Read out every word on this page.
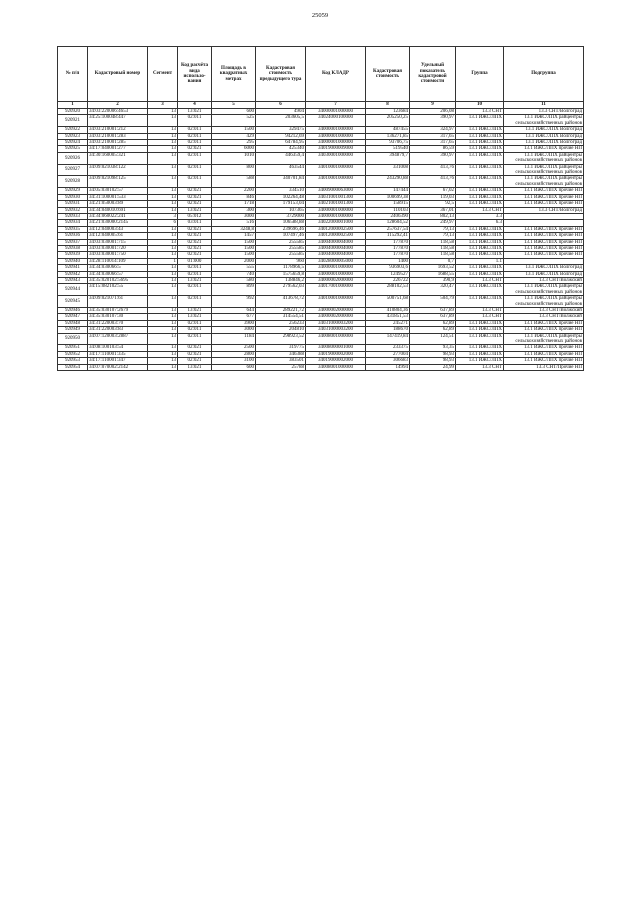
25059
№ п/п	Кадастровый номер	Сегмент	Код расчёта вида использо-вания	Площадь в квадратных метрах	Кадастровая стоимость предыдущего тура	Код КЛАДР	Кадастровая стоимость	Удельный показатель кадастровой стоимости	Группа	Подгруппа
1	2	3	4	5	6	7	8	9	10	11
920920	34:03:220006:4653	13	13:021	600	4904	34000001000000	123684	206,08	13.3 СНТ	13.3 СНТ/Волгоград
920921	34:25:100048:447	13	02:011	525	203605,5	34024000100000	205250,25	390,97	13.1 ИЖС/ЛПХ	13.1 ИЖС/ЛПХ райцентры сельскохозяйственных районов
920922	34:03:210001:212	13	02:011	1500	329475	34000001000000	487455	324,97	13.1 ИЖС/ЛПХ	13.1 ИЖС/ЛПХ Волгоград
920923	34:03:210001:283	13	02:011	429	94212,69	34000001000000	136271,85	317,65	13.1 ИЖС/ЛПХ	13.1 ИЖС/ЛПХ Волгоград
920924	34:03:210001:285	13	02:011	295	64784,95	34000001000000	93706,75	317,65	13.1 ИЖС/ЛПХ	13.1 ИЖС/ЛПХ Волгоград
920925	34:17:040001:277	13	02:021	6000	425340	34019000009000	519540	86,59	13.1 ИЖС/ЛПХ	13.1 ИЖС/ЛПХ прочие НП
920926	34:30:160005:321	13	02:011	1010	446359,4	34030001000000	394879,7	390,97	13.1 ИЖС/ЛПХ	13.1 ИЖС/ЛПХ райцентры сельскохозяйственных районов
920927	34:09:021038:122	13	02:011	800	463544	34010001000000	331008	413,76	13.1 ИЖС/ЛПХ	13.1 ИЖС/ЛПХ райцентры сельскохозяйственных районов
920928	34:09:021098:125	13	02:011	588	340701,84	34010001000000	243290,88	413,76	13.1 ИЖС/ЛПХ	13.1 ИЖС/ЛПХ райцентры сельскохозяйственных районов
920929	34:05:030102:57	13	02:021	2200	334510	34009000063000	147444	67,02	13.1 ИЖС/ЛПХ	13.1 ИЖС/ЛПХ прочие НП
920930	34:31:100001:533	13	02:021	846	102264,48	34031001001300	100699,38	119,03	13.1 ИЖС/ЛПХ	13.1 ИЖС/ЛПХ прочие НП
920931	34:21:050003:89	13	02:021	1718	179153,04	34021001001300	158915	92,5	13.1 ИЖС/ЛПХ	13.1 ИЖС/ЛПХ прочие НП
920932	34:34:040010:691	13	13:021	300	107365	34000001000000	110103	367,01	13.3 СНТ	13.3 СНТ/Волгоград
920933	34:34:060022:241	3	05:012	3000	3729000	34000001000000	2406390	802,13	3.3	
920934	34:21:030000:2145	6	03:011	516	106588,88	34022000001000	128604,52	249,97	6.3	
920935	34:12:040003:43	13	02:021	3248,8	239696,46	34012000002500	257637,54	79,13	13.1 ИЖС/ЛПХ	13.1 ИЖС/ЛПХ прочие НП
920936	34:12:040005:61	13	02:021	1457	107497,46	34012000002500	115292,41	79,13	13.1 ИЖС/ЛПХ	13.1 ИЖС/ЛПХ прочие НП
920937	34:03:030001:715	13	02:021	1500	255585	34004000004000	177870	118,58	13.1 ИЖС/ЛПХ	13.1 ИЖС/ЛПХ прочие НП
920938	34:03:030001:720	13	02:021	1500	255585	34004000004000	177870	118,58	13.1 ИЖС/ЛПХ	13.1 ИЖС/ЛПХ прочие НП
920939	34:03:030001:750	13	02:021	1500	255585	34004000004000	177870	118,58	13.1 ИЖС/ЛПХ	13.1 ИЖС/ЛПХ прочие НП
920940	34:28:110014:109	1	01:000	2000	960	34028000005000	1400	0,7	1.1	
920941	34:34:030066:5	13	02:011	555	1178966,5	34000001000000	936903,6	1693,52	13.1 ИЖС/ЛПХ	13.1 ИЖС/ЛПХ Волгоград
920942	34:34:030066:57	13	02:011	740	1575659,8	34000001000000	1249527	1688,55	13.1 ИЖС/ЛПХ	13.1 ИЖС/ЛПХ Волгоград
920943	34:35:020102:5695	13	13:021	580	138846,2	34000002000000	226722	390,9	13.3 СНТ	13.3 СНТ/Волжский
920944	34:15:082102:55	13	02:011	899	279562,03	34017001000000	288102,53	320,47	13.1 ИЖС/ЛПХ	13.1 ИЖС/ЛПХ райцентры сельскохозяйственных районов
920945	34:09:021071:61	13	02:011	992	413678,72	34010001000000	500751,68	504,79	13.1 ИЖС/ЛПХ	13.1 ИЖС/ЛПХ райцентры сельскохозяйственных районов
920946	34:35:030107:2679	13	13:021	644	289221,72	34000002000000	410804,36	637,89	13.3 СНТ	13.3 СНТ/Волжский
920947	34:35:030107:30	13	13:021	677	314554,51	34000002000000	431851,53	637,89	13.3 СНТ	13.3 СНТ/Волжский
920948	34:31:220003:70	13	02:011	3900	256233	34031000003200	245271	62,89	13.1 ИЖС/ЛПХ	13.1 ИЖС/ЛПХ прочие НП
920949	34:31:220003:83	13	02:011	3000	204810	34031000003200	188670	62,89	13.1 ИЖС/ЛПХ	13.1 ИЖС/ЛПХ прочие НП
920950	34:07:120003:2887	13	02:011	1184	298923,52	34008001000000	147419,84	124,51	13.1 ИЖС/ЛПХ	13.1 ИЖС/ЛПХ райцентры сельскохозяйственных районов
920951	34:08:100103:54	13	02:021	2500	319775	34008000001000	233375	93,35	13.1 ИЖС/ЛПХ	13.1 ИЖС/ЛПХ прочие НП
920952	34:17:110001:335	13	02:021	2800	346388	34019000002000	277004	98,93	13.1 ИЖС/ЛПХ	13.1 ИЖС/ЛПХ прочие НП
920953	34:17:110001:347	13	02:021	3100	383501	34019000002000	306683	98,93	13.1 ИЖС/ЛПХ	13.1 ИЖС/ЛПХ прочие НП
920954	34:07:070002:2142	13	13:021	600	25788	34008001000000	14994	24,99	13.3 СНТ	13.3 СНТ/Прочие НП
